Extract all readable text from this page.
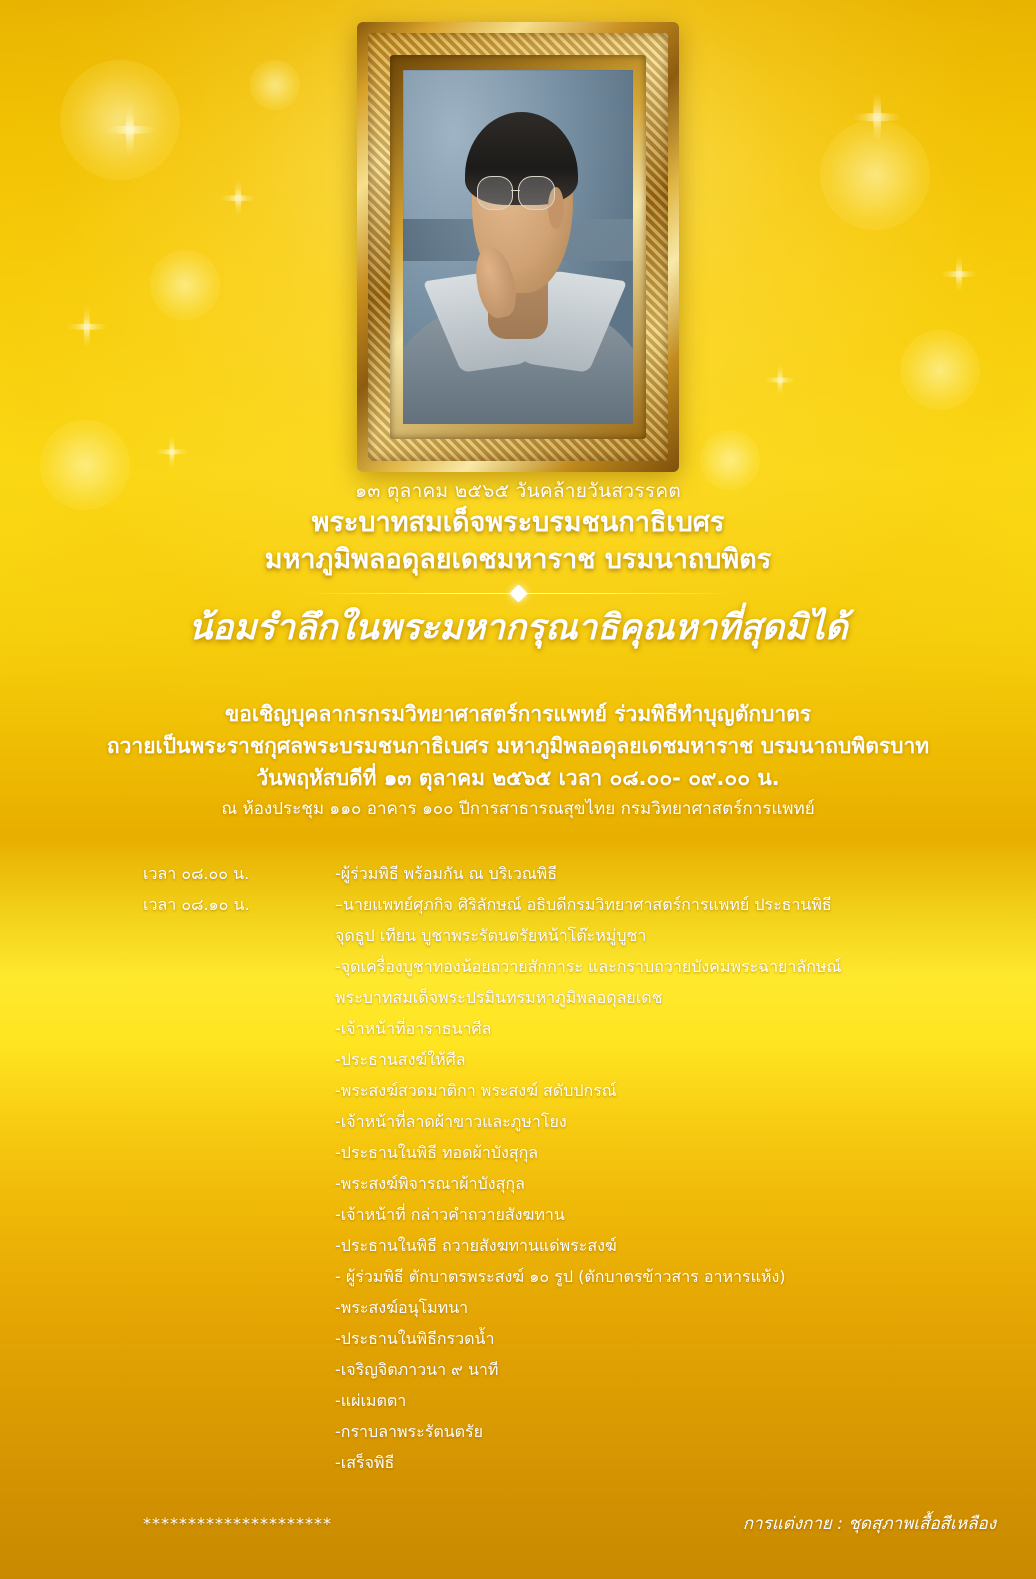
๑๓ ตุลาคม ๒๕๖๕ วันคล้ายวันสวรรคต
พระบาทสมเด็จพระบรมชนกาธิเบศร
มหาภูมิพลอดุลยเดชมหาราช บรมนาถบพิตร
น้อมรำลึกในพระมหากรุณาธิคุณหาที่สุดมิได้
ขอเชิญบุคลากรกรมวิทยาศาสตร์การแพทย์ ร่วมพิธีทำบุญตักบาตร
ถวายเป็นพระราชกุศลพระบรมชนกาธิเบศร มหาภูมิพลอดุลยเดชมหาราช บรมนาถบพิตรบาท
วันพฤหัสบดีที่ ๑๓ ตุลาคม ๒๕๖๕ เวลา ๐๘.๐๐- ๐๙.๐๐ น.
ณ ห้องประชุม ๑๑๐ อาคาร ๑๐๐ ปีการสาธารณสุขไทย กรมวิทยาศาสตร์การแพทย์
เวลา ๐๘.๐๐ น.	-ผู้ร่วมพิธี พร้อมกัน ณ บริเวณพิธี
เวลา ๐๘.๑๐ น.	–นายแพทย์ศุภกิจ ศิริลักษณ์ อธิบดีกรมวิทยาศาสตร์การแพทย์ ประธานพิธี
จุดธูป เทียน บูชาพระรัตนตรัยหน้าโต๊ะหมู่บูชา
-จุดเครื่องบูชาทองน้อยถวายสักการะ และกราบถวายบังคมพระฉายาลักษณ์
พระบาทสมเด็จพระปรมินทรมหาภูมิพลอดุลยเดช
-เจ้าหน้าที่อาราธนาศีล
-ประธานสงฆ์ให้ศีล
-พระสงฆ์สวดมาติกา พระสงฆ์ สดับปกรณ์
-เจ้าหน้าที่ลาดผ้าขาวและภูษาโยง
-ประธานในพิธี ทอดผ้าบังสุกุล
-พระสงฆ์พิจารณาผ้าบังสุกุล
-เจ้าหน้าที่ กล่าวคำถวายสังฆทาน
-ประธานในพิธี ถวายสังฆทานแด่พระสงฆ์
- ผู้ร่วมพิธี ตักบาตรพระสงฆ์ ๑๐ รูป (ตักบาตรข้าวสาร อาหารแห้ง)
-พระสงฆ์อนุโมทนา
-ประธานในพิธีกรวดน้ำ
-เจริญจิตภาวนา ๙ นาที
-แผ่เมตตา
-กราบลาพระรัตนตรัย
-เสร็จพิธี
*********************	การแต่งกาย : ชุดสุภาพเสื้อสีเหลือง
